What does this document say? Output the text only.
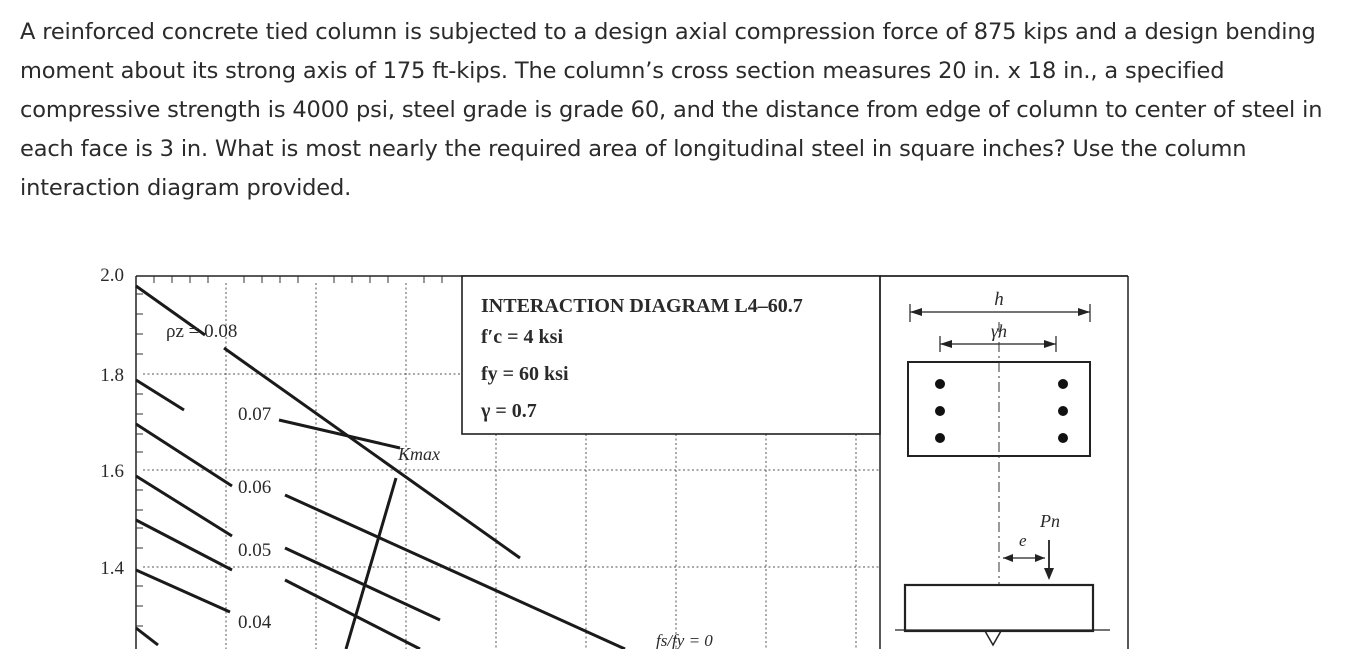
A reinforced concrete tied column is subjected to a design axial compression force of 875 kips and a design bending moment about its strong axis of 175 ft-kips. The column’s cross section measures 20 in. x 18 in., a specified compressive strength is 4000 psi, steel grade is grade 60, and the distance from edge of column to center of steel in each face is 3 in. What is most nearly the required area of longitudinal steel in square inches? Use the column interaction diagram provided.

2.0
1.8
1.6
1.4
ρz = 0.08
0.07
0.06
0.05
0.04
Kmax
fs/fy = 0
INTERACTION DIAGRAM L4–60.7
f′c = 4 ksi
fy = 60 ksi
γ = 0.7
h
γh
Pn
e
